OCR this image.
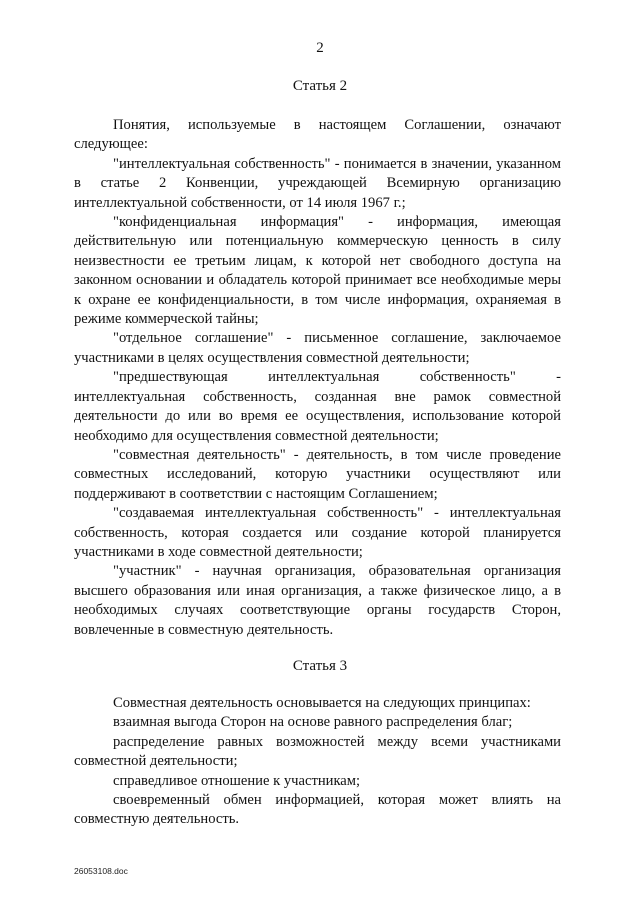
2
Статья 2

Понятия, используемые в настоящем Соглашении, означают следующее:

"интеллектуальная собственность" - понимается в значении, указанном в статье 2 Конвенции, учреждающей Всемирную организацию интеллектуальной собственности, от 14 июля 1967 г.;

"конфиденциальная информация" - информация, имеющая действительную или потенциальную коммерческую ценность в силу неизвестности ее третьим лицам, к которой нет свободного доступа на законном основании и обладатель которой принимает все необходимые меры к охране ее конфиденциальности, в том числе информация, охраняемая в режиме коммерческой тайны;

"отдельное соглашение" - письменное соглашение, заключаемое участниками в целях осуществления совместной деятельности;

"предшествующая интеллектуальная собственность" - интеллектуальная собственность, созданная вне рамок совместной деятельности до или во время ее осуществления, использование которой необходимо для осуществления совместной деятельности;

"совместная деятельность" - деятельность, в том числе проведение совместных исследований, которую участники осуществляют или поддерживают в соответствии с настоящим Соглашением;

"создаваемая интеллектуальная собственность" - интеллектуальная собственность, которая создается или создание которой планируется участниками в ходе совместной деятельности;

"участник" - научная организация, образовательная организация высшего образования или иная организация, а также физическое лицо, а в необходимых случаях соответствующие органы государств Сторон, вовлеченные в совместную деятельность.

Статья 3

Совместная деятельность основывается на следующих принципах:

взаимная выгода Сторон на основе равного распределения благ;

распределение равных возможностей между всеми участниками совместной деятельности;

справедливое отношение к участникам;

своевременный обмен информацией, которая может влиять на совместную деятельность.

26053108.doc
